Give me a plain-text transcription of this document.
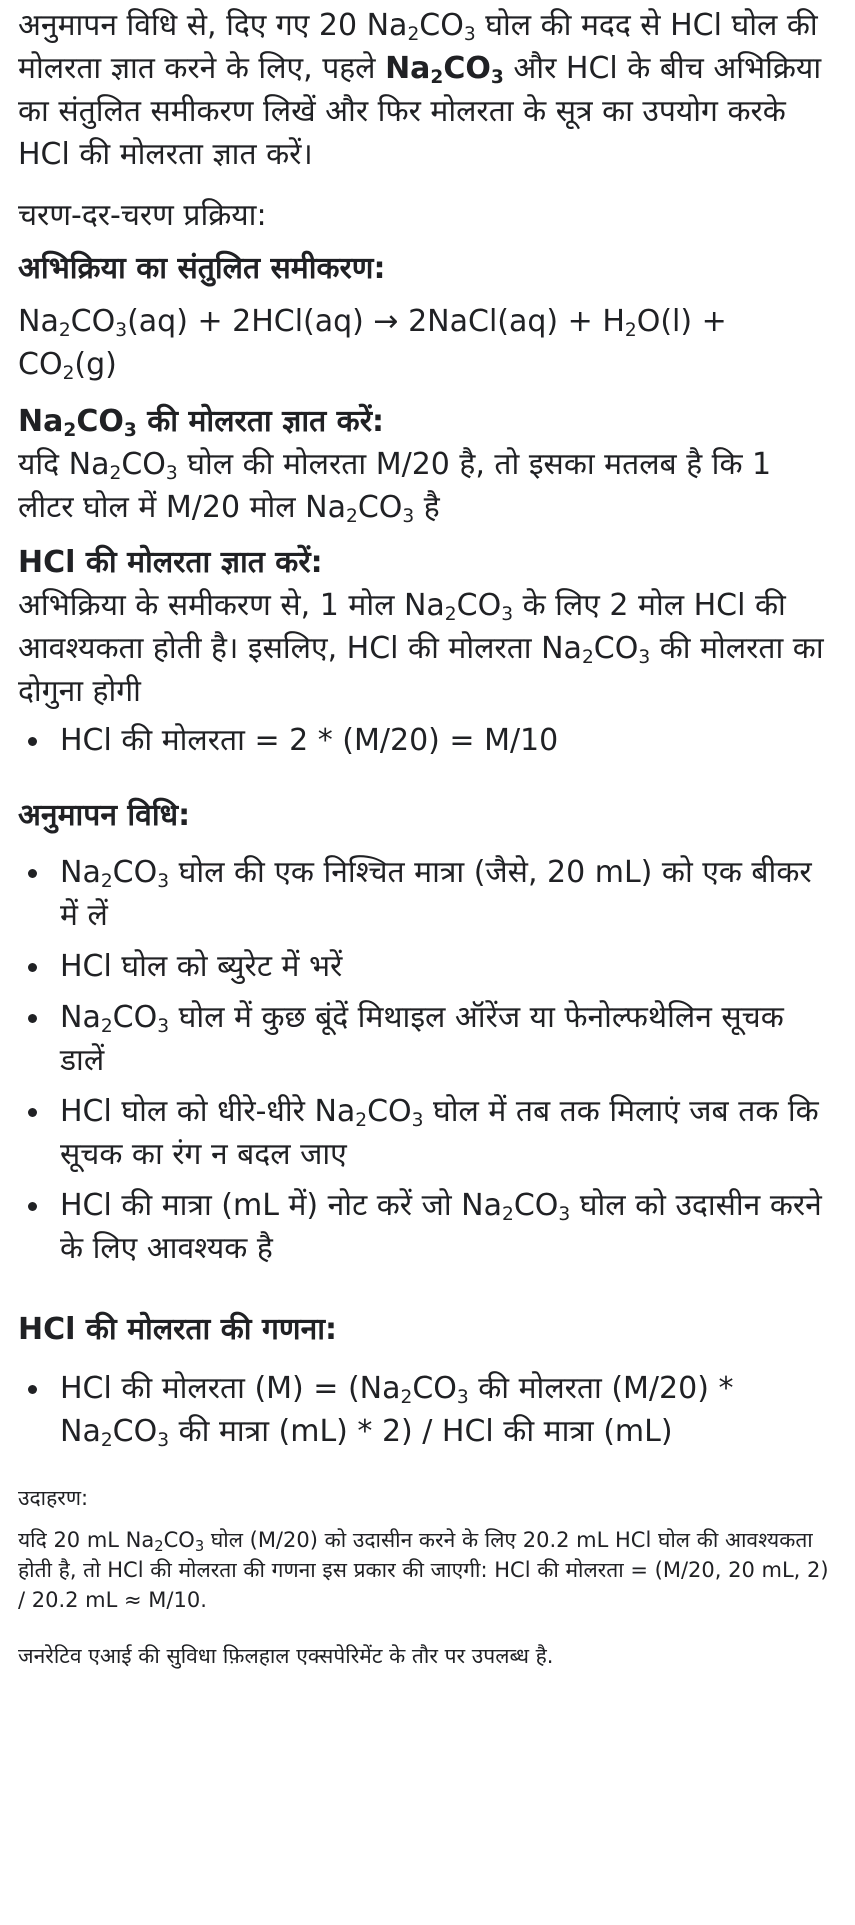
अनुमापन विधि से, दिए गए 20 $Na_2CO_3$ घोल की मदद से HCl घोल की मोलरता ज्ञात करने के लिए, पहले $Na_2CO_3$ और HCl के बीच अभिक्रिया का संतुलित समीकरण लिखें और फिर मोलरता के सूत्र का उपयोग करके HCl की मोलरता ज्ञात करें।

चरण-दर-चरण प्रक्रिया:

अभिक्रिया का संतुलित समीकरण:

$Na_2CO_3(aq) + 2HCl(aq)$ → 2NaCl(aq) + $H_2O(l) + CO_2(g)$

$Na_2CO_3$ की मोलरता ज्ञात करें:

यदि $Na_2CO_3$ घोल की मोलरता M/20 है, तो इसका मतलब है कि 1 लीटर घोल में M/20 मोल $Na_2CO_3$ है

HCl की मोलरता ज्ञात करें:

अभिक्रिया के समीकरण से, 1 मोल $Na_2CO_3$ के लिए 2 मोल HCl की आवश्यकता होती है। इसलिए, HCl की मोलरता $Na_2CO_3$ की मोलरता का दोगुना होगी

HCl की मोलरता = 2 * (M/20) = M/10

अनुमापन विधि:

$Na_2CO_3$ घोल की एक निश्चित मात्रा (जैसे, 20 mL) को एक बीकर में लें
HCl घोल को ब्युरेट में भरें
$Na_2CO_3$ घोल में कुछ बूंदें मिथाइल ऑरेंज या फेनोल्फथेलिन सूचक डालें
HCl घोल को धीरे-धीरे $Na_2CO_3$ घोल में तब तक मिलाएं जब तक कि सूचक का रंग न बदल जाए
HCl की मात्रा (mL में) नोट करें जो $Na_2CO_3$ घोल को उदासीन करने के लिए आवश्यक है

HCl की मोलरता की गणना:

HCl की मोलरता $(M) = (Na_2CO_3$ की मोलरता $(M/20) * Na_2CO_3$ की मात्रा (mL) * 2) / HCl की मात्रा (mL)

उदाहरण:

यदि 20 mL $Na_2CO_3$ घोल (M/20) को उदासीन करने के लिए 20.2 mL HCl घोल की आवश्यकता होती है, तो HCl की मोलरता की गणना इस प्रकार की जाएगी: HCl की मोलरता = (M/20, 20 mL, 2) / 20.2 mL ≈ M/10.

जनरेटिव एआई की सुविधा फ़िलहाल एक्सपेरिमेंट के तौर पर उपलब्ध है.
